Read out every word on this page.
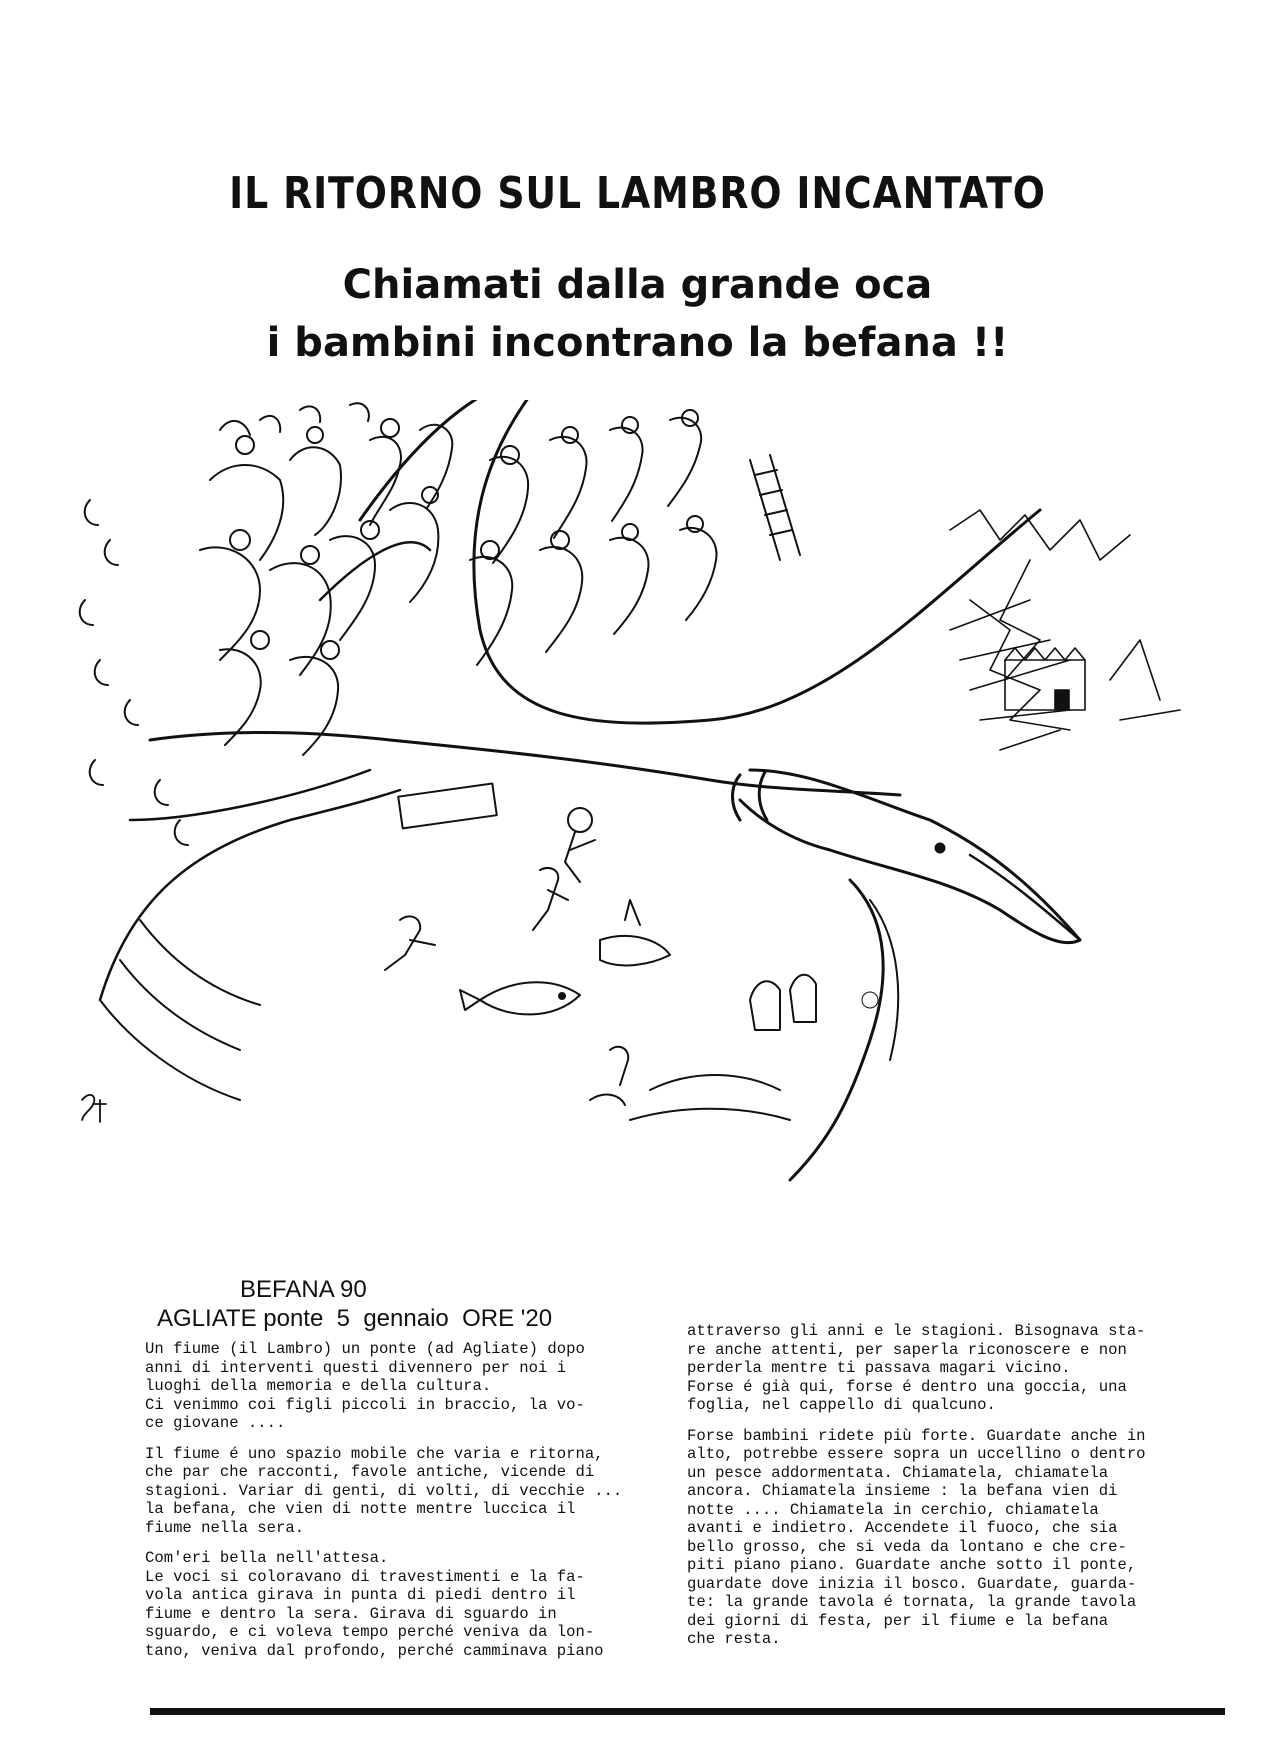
IL RITORNO SUL LAMBRO INCANTATO
Chiamati dalla grande oca
i bambini incontrano la befana !!

BEFANA 90

AGLIATE ponte  5  gennaio  ORE '20

Un fiume (il Lambro) un ponte (ad Agliate) dopo
anni di interventi questi divennero per noi i
luoghi della memoria e della cultura.
Ci venimmo coi figli piccoli in braccio, la vo-
ce giovane ....

Il fiume é uno spazio mobile che varia e ritorna,
che par che racconti, favole antiche, vicende di
stagioni. Variar di genti, di volti, di vecchie ...
la befana, che vien di notte mentre luccica il
fiume nella sera.

Com'eri bella nell'attesa.
Le voci si coloravano di travestimenti e la fa-
vola antica girava in punta di piedi dentro il
fiume e dentro la sera. Girava di sguardo in
sguardo, e ci voleva tempo perché veniva da lon-
tano, veniva dal profondo, perché camminava piano

attraverso gli anni e le stagioni. Bisognava sta-
re anche attenti, per saperla riconoscere e non
perderla mentre ti passava magari vicino.
Forse é già qui, forse é dentro una goccia, una
foglia, nel cappello di qualcuno.

Forse bambini ridete più forte. Guardate anche in
alto, potrebbe essere sopra un uccellino o dentro
un pesce addormentata. Chiamatela, chiamatela
ancora. Chiamatela insieme : la befana vien di
notte .... Chiamatela in cerchio, chiamatela
avanti e indietro. Accendete il fuoco, che sia
bello grosso, che si veda da lontano e che cre-
piti piano piano. Guardate anche sotto il ponte,
guardate dove inizia il bosco. Guardate, guarda-
te: la grande tavola é tornata, la grande tavola
dei giorni di festa, per il fiume e la befana
che resta.
